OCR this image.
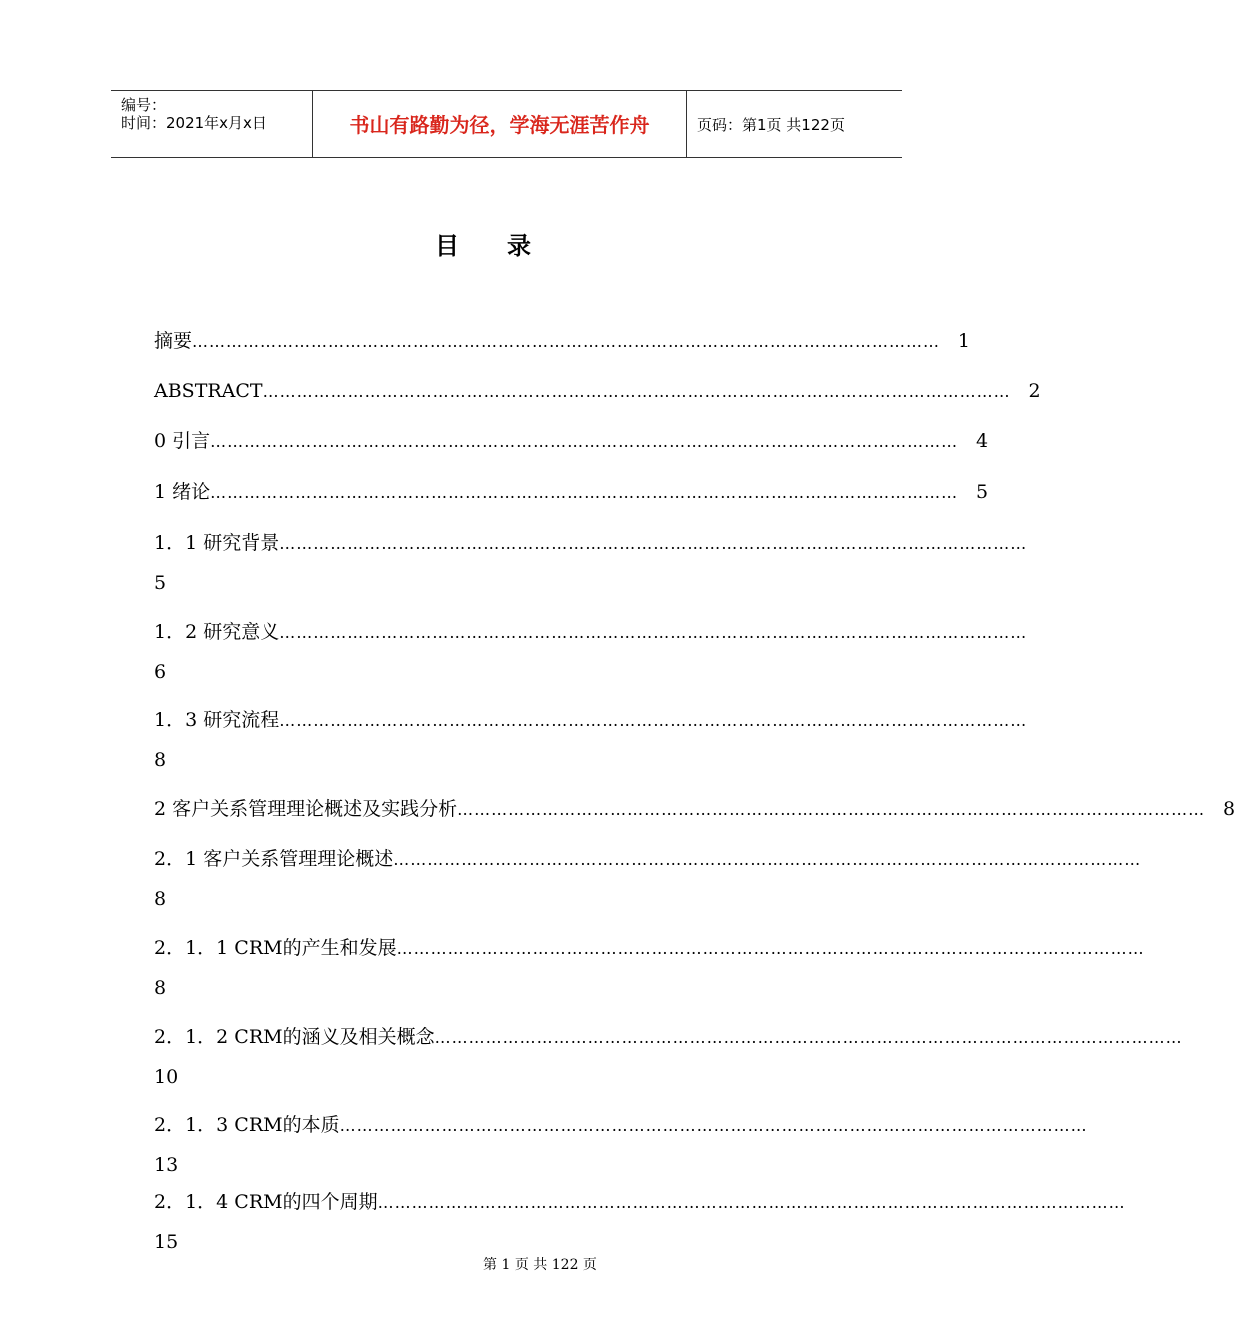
编号：
时间：2021年x月x日	书山有路勤为径，学海无涯苦作舟	页码：第1页 共122页
目录
摘要 …………………………………………………………………………………………………………………… 1
ABSTRACT …………………………………………………………………………………………………………………… 2
0 引言 …………………………………………………………………………………………………………………… 4
1 绪论 …………………………………………………………………………………………………………………… 5
1．1 研究背景 ……………………………………………………………………………………………………………………
5
1．2 研究意义 ……………………………………………………………………………………………………………………
6
1．3 研究流程 ……………………………………………………………………………………………………………………
8
2 客户关系管理理论概述及实践分析 …………………………………………………………………………………………………………………… 8
2．1 客户关系管理理论概述 ……………………………………………………………………………………………………………………
8
2．1．1 CRM的产生和发展 ……………………………………………………………………………………………………………………
8
2．1．2 CRM的涵义及相关概念 ……………………………………………………………………………………………………………………
10
2．1．3 CRM的本质 ……………………………………………………………………………………………………………………
13
2．1．4 CRM的四个周期 ……………………………………………………………………………………………………………………
15
第 1 页 共 122 页
